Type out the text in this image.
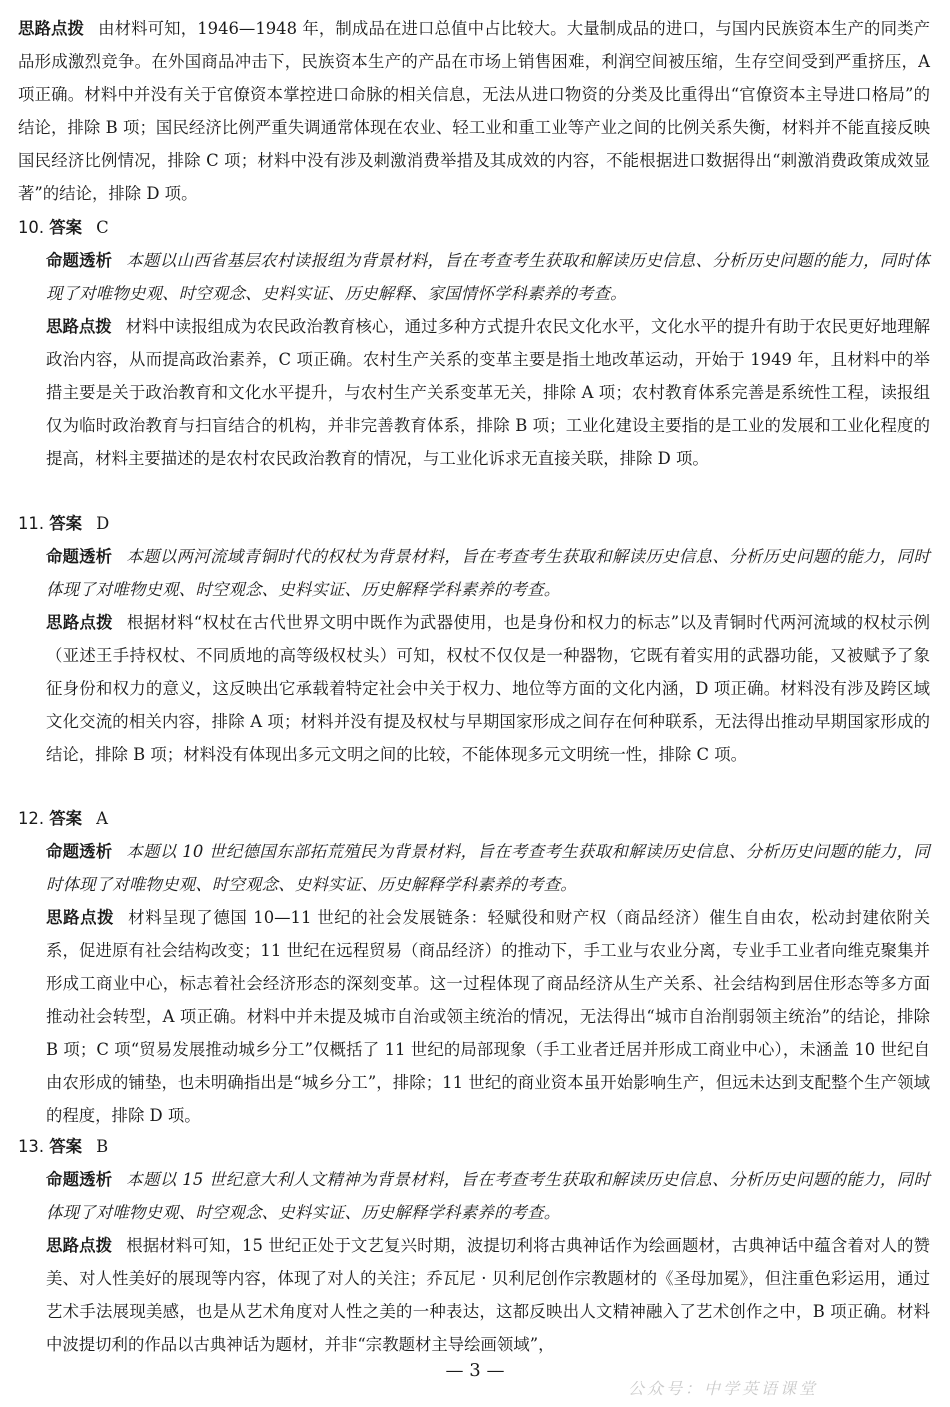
思路点拨 由材料可知，1946—1948 年，制成品在进口总值中占比较大。大量制成品的进口，与国内民族资本生产的同类产品形成激烈竞争。在外国商品冲击下，民族资本生产的产品在市场上销售困难，利润空间被压缩，生存空间受到严重挤压，A 项正确。材料中并没有关于官僚资本掌控进口命脉的相关信息，无法从进口物资的分类及比重得出“官僚资本主导进口格局”的结论，排除 B 项；国民经济比例严重失调通常体现在农业、轻工业和重工业等产业之间的比例关系失衡，材料并不能直接反映国民经济比例情况，排除 C 项；材料中没有涉及刺激消费举措及其成效的内容，不能根据进口数据得出“刺激消费政策成效显著”的结论，排除 D 项。

10. 答案 C

命题透析 本题以山西省基层农村读报组为背景材料，旨在考查考生获取和解读历史信息、分析历史问题的能力，同时体现了对唯物史观、时空观念、史料实证、历史解释、家国情怀学科素养的考查。

思路点拨 材料中读报组成为农民政治教育核心，通过多种方式提升农民文化水平，文化水平的提升有助于农民更好地理解政治内容，从而提高政治素养，C 项正确。农村生产关系的变革主要是指土地改革运动，开始于 1949 年，且材料中的举措主要是关于政治教育和文化水平提升，与农村生产关系变革无关，排除 A 项；农村教育体系完善是系统性工程，读报组仅为临时政治教育与扫盲结合的机构，并非完善教育体系，排除 B 项；工业化建设主要指的是工业的发展和工业化程度的提高，材料主要描述的是农村农民政治教育的情况，与工业化诉求无直接关联，排除 D 项。

11. 答案 D

命题透析 本题以两河流域青铜时代的权杖为背景材料，旨在考查考生获取和解读历史信息、分析历史问题的能力，同时体现了对唯物史观、时空观念、史料实证、历史解释学科素养的考查。

思路点拨 根据材料“权杖在古代世界文明中既作为武器使用，也是身份和权力的标志”以及青铜时代两河流域的权杖示例（亚述王手持权杖、不同质地的高等级权杖头）可知，权杖不仅仅是一种器物，它既有着实用的武器功能，又被赋予了象征身份和权力的意义，这反映出它承载着特定社会中关于权力、地位等方面的文化内涵，D 项正确。材料没有涉及跨区域文化交流的相关内容，排除 A 项；材料并没有提及权杖与早期国家形成之间存在何种联系，无法得出推动早期国家形成的结论，排除 B 项；材料没有体现出多元文明之间的比较，不能体现多元文明统一性，排除 C 项。

12. 答案 A

命题透析 本题以 10 世纪德国东部拓荒殖民为背景材料，旨在考查考生获取和解读历史信息、分析历史问题的能力，同时体现了对唯物史观、时空观念、史料实证、历史解释学科素养的考查。

思路点拨 材料呈现了德国 10—11 世纪的社会发展链条：轻赋役和财产权（商品经济）催生自由农，松动封建依附关系，促进原有社会结构改变；11 世纪在远程贸易（商品经济）的推动下，手工业与农业分离，专业手工业者向维克聚集并形成工商业中心，标志着社会经济形态的深刻变革。这一过程体现了商品经济从生产关系、社会结构到居住形态等多方面推动社会转型，A 项正确。材料中并未提及城市自治或领主统治的情况，无法得出“城市自治削弱领主统治”的结论，排除 B 项；C 项“贸易发展推动城乡分工”仅概括了 11 世纪的局部现象（手工业者迁居并形成工商业中心），未涵盖 10 世纪自由农形成的铺垫，也未明确指出是“城乡分工”，排除；11 世纪的商业资本虽开始影响生产，但远未达到支配整个生产领域的程度，排除 D 项。

13. 答案 B

命题透析 本题以 15 世纪意大利人文精神为背景材料，旨在考查考生获取和解读历史信息、分析历史问题的能力，同时体现了对唯物史观、时空观念、史料实证、历史解释学科素养的考查。

思路点拨 根据材料可知，15 世纪正处于文艺复兴时期，波提切利将古典神话作为绘画题材，古典神话中蕴含着对人的赞美、对人性美好的展现等内容，体现了对人的关注；乔瓦尼 · 贝利尼创作宗教题材的《圣母加冕》，但注重色彩运用，通过艺术手法展现美感，也是从艺术角度对人性之美的一种表达，这都反映出人文精神融入了艺术创作之中，B 项正确。材料中波提切利的作品以古典神话为题材，并非“宗教题材主导绘画领域”，

— 3 —
公众号：中学英语课堂
